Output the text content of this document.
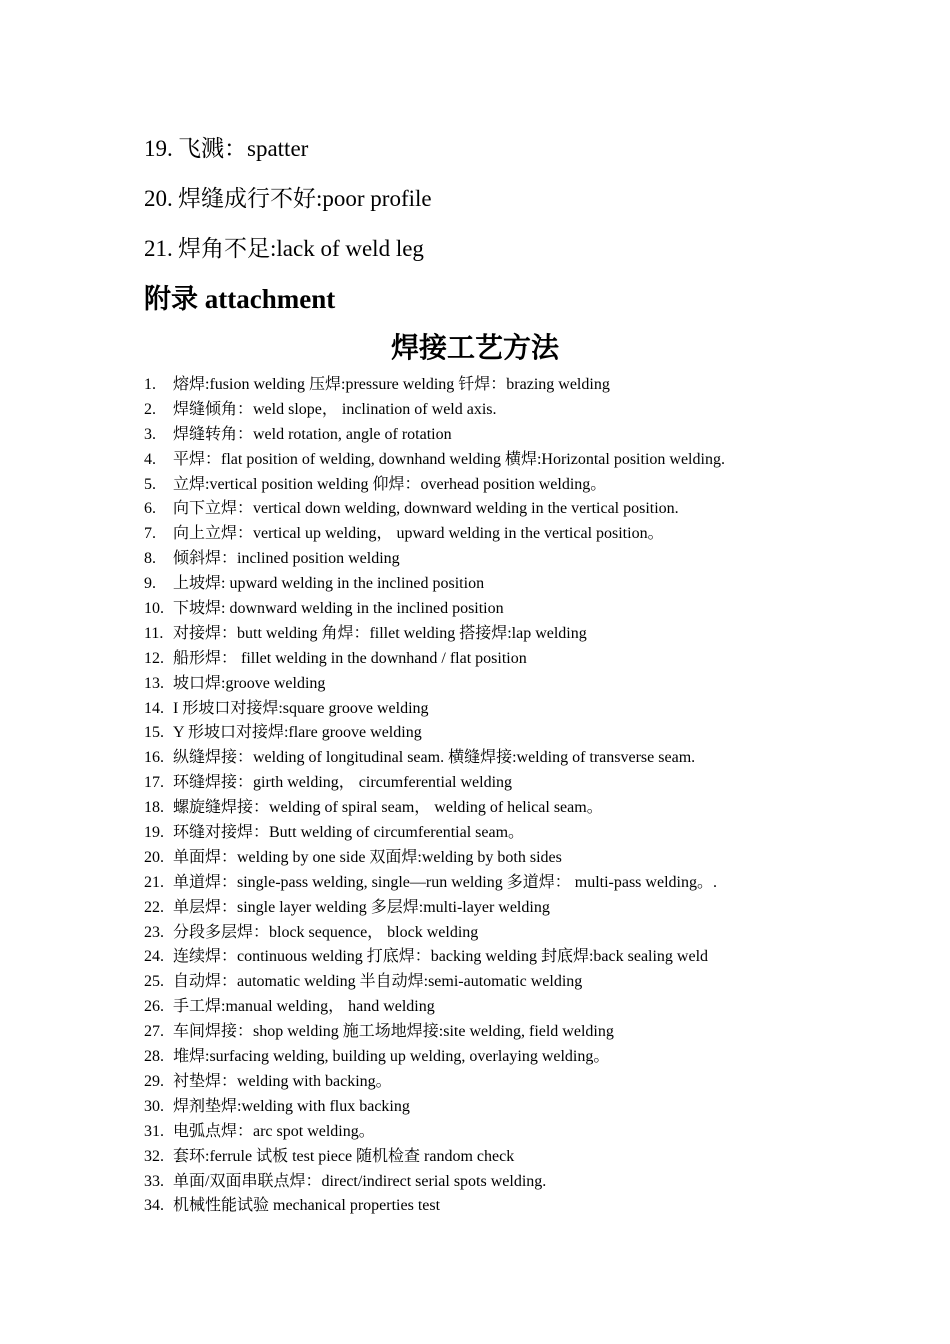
19. 飞溅：spatter
20. 焊缝成行不好:poor profile
21. 焊角不足:lack of weld leg
附录 attachment
焊接工艺方法
1. 熔焊:fusion welding 压焊:pressure welding 钎焊：brazing welding
2. 焊缝倾角：weld slope， inclination of weld axis.
3. 焊缝转角：weld rotation, angle of rotation
4. 平焊：flat position of welding, downhand welding 横焊:Horizontal position welding.
5. 立焊:vertical position welding 仰焊：overhead position welding。
6. 向下立焊：vertical down welding, downward welding in the vertical position.
7. 向上立焊：vertical up welding， upward welding in the vertical position。
8. 倾斜焊：inclined position welding
9. 上坡焊: upward welding in the inclined position
10. 下坡焊: downward welding in the inclined position
11. 对接焊：butt welding 角焊：fillet welding 搭接焊:lap welding
12. 船形焊： fillet welding in the downhand / flat position
13. 坡口焊:groove welding
14. I 形坡口对接焊:square groove welding
15. Y 形坡口对接焊:flare groove welding
16. 纵缝焊接：welding of longitudinal seam. 横缝焊接:welding of transverse seam.
17. 环缝焊接：girth welding， circumferential welding
18. 螺旋缝焊接：welding of spiral seam， welding of helical seam。
19. 环缝对接焊：Butt welding of circumferential seam。
20. 单面焊：welding by one side 双面焊:welding by both sides
21. 单道焊：single-pass welding, single—run welding 多道焊： multi-pass welding。.
22. 单层焊：single layer welding 多层焊:multi-layer welding
23. 分段多层焊：block sequence， block welding
24. 连续焊：continuous welding 打底焊：backing welding 封底焊:back sealing weld
25. 自动焊：automatic welding 半自动焊:semi-automatic welding
26. 手工焊:manual welding， hand welding
27. 车间焊接：shop welding 施工场地焊接:site welding, field welding
28. 堆焊:surfacing welding, building up welding, overlaying welding。
29. 衬垫焊：welding with backing。
30. 焊剂垫焊:welding with flux backing
31. 电弧点焊：arc spot welding。
32. 套环:ferrule 试板 test piece 随机检查 random check
33. 单面/双面串联点焊：direct/indirect serial spots welding.
34. 机械性能试验 mechanical properties test
